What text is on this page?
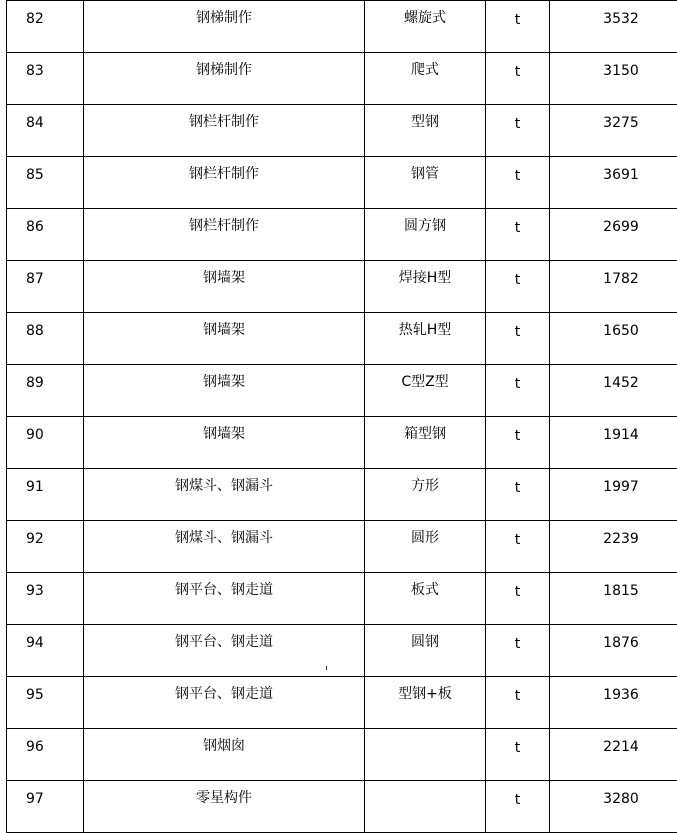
82	钢梯制作	螺旋式	t	3532
83	钢梯制作	爬式	t	3150
84	钢栏杆制作	型钢	t	3275
85	钢栏杆制作	钢管	t	3691
86	钢栏杆制作	圆方钢	t	2699
87	钢墙架	焊接H型	t	1782
88	钢墙架	热轧H型	t	1650
89	钢墙架	C型Z型	t	1452
90	钢墙架	箱型钢	t	1914
91	钢煤斗、钢漏斗	方形	t	1997
92	钢煤斗、钢漏斗	圆形	t	2239
93	钢平台、钢走道	板式	t	1815
94	钢平台、钢走道	圆钢	t	1876
95	钢平台、钢走道	型钢+板	t	1936
96	钢烟囱		t	2214
97	零星构件		t	3280
